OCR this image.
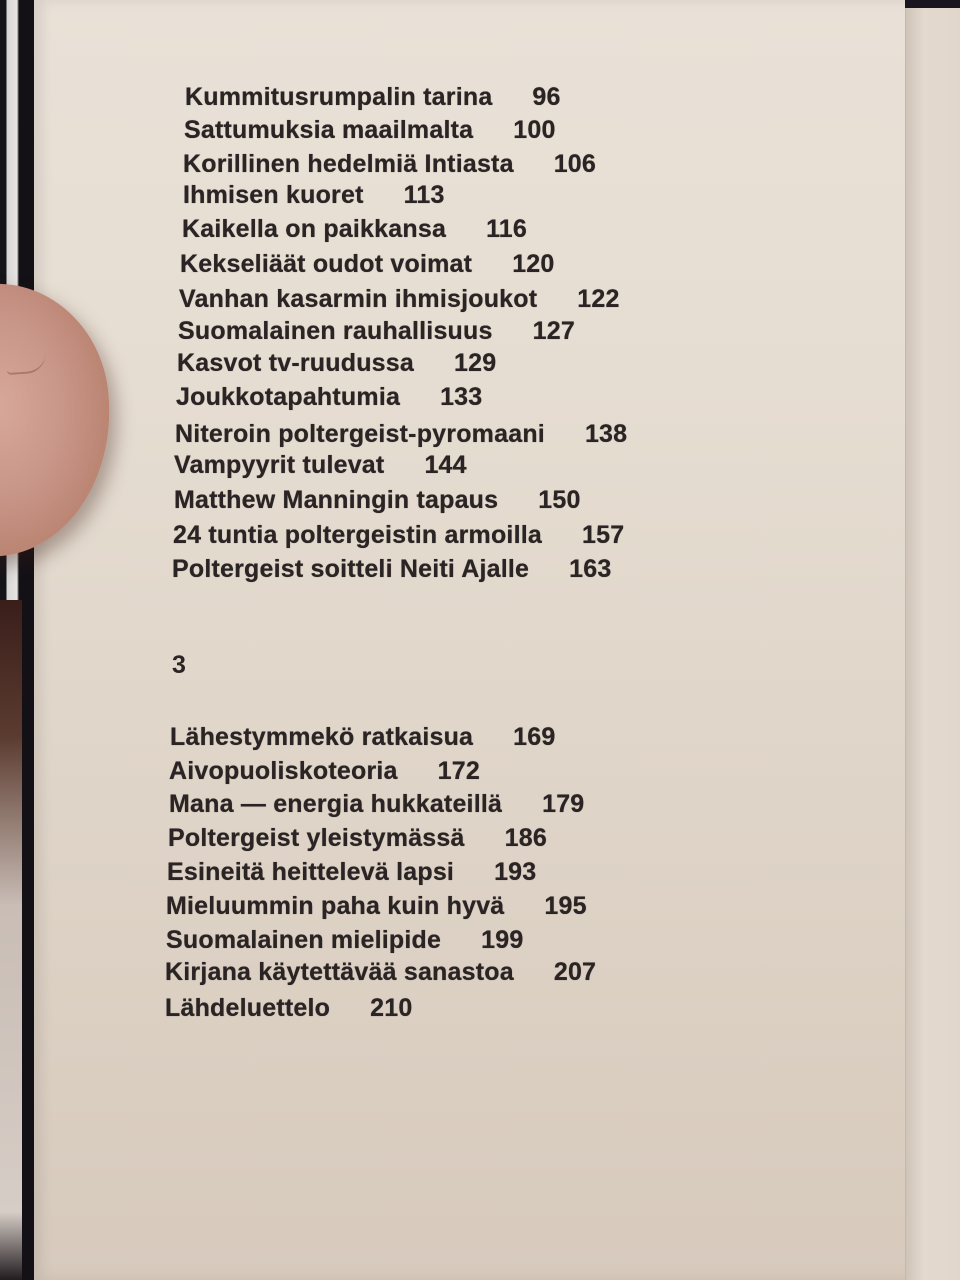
Kummitusrumpalin tarina 96
Sattumuksia maailmalta 100
Korillinen hedelmiä Intiasta 106
Ihmisen kuoret 113
Kaikella on paikkansa 116
Kekseliäät oudot voimat 120
Vanhan kasarmin ihmisjoukot 122
Suomalainen rauhallisuus 127
Kasvot tv-ruudussa 129
Joukkotapahtumia 133
Niteroin poltergeist-pyromaani 138
Vampyyrit tulevat 144
Matthew Manningin tapaus 150
24 tuntia poltergeistin armoilla 157
Poltergeist soitteli Neiti Ajalle 163
3
Lähestymmekö ratkaisua 169
Aivopuoliskoteoria 172
Mana — energia hukkateillä 179
Poltergeist yleistymässä 186
Esineitä heittelevä lapsi 193
Mieluummin paha kuin hyvä 195
Suomalainen mielipide 199
Kirjana käytettävää sanastoa 207
Lähdeluettelo 210
